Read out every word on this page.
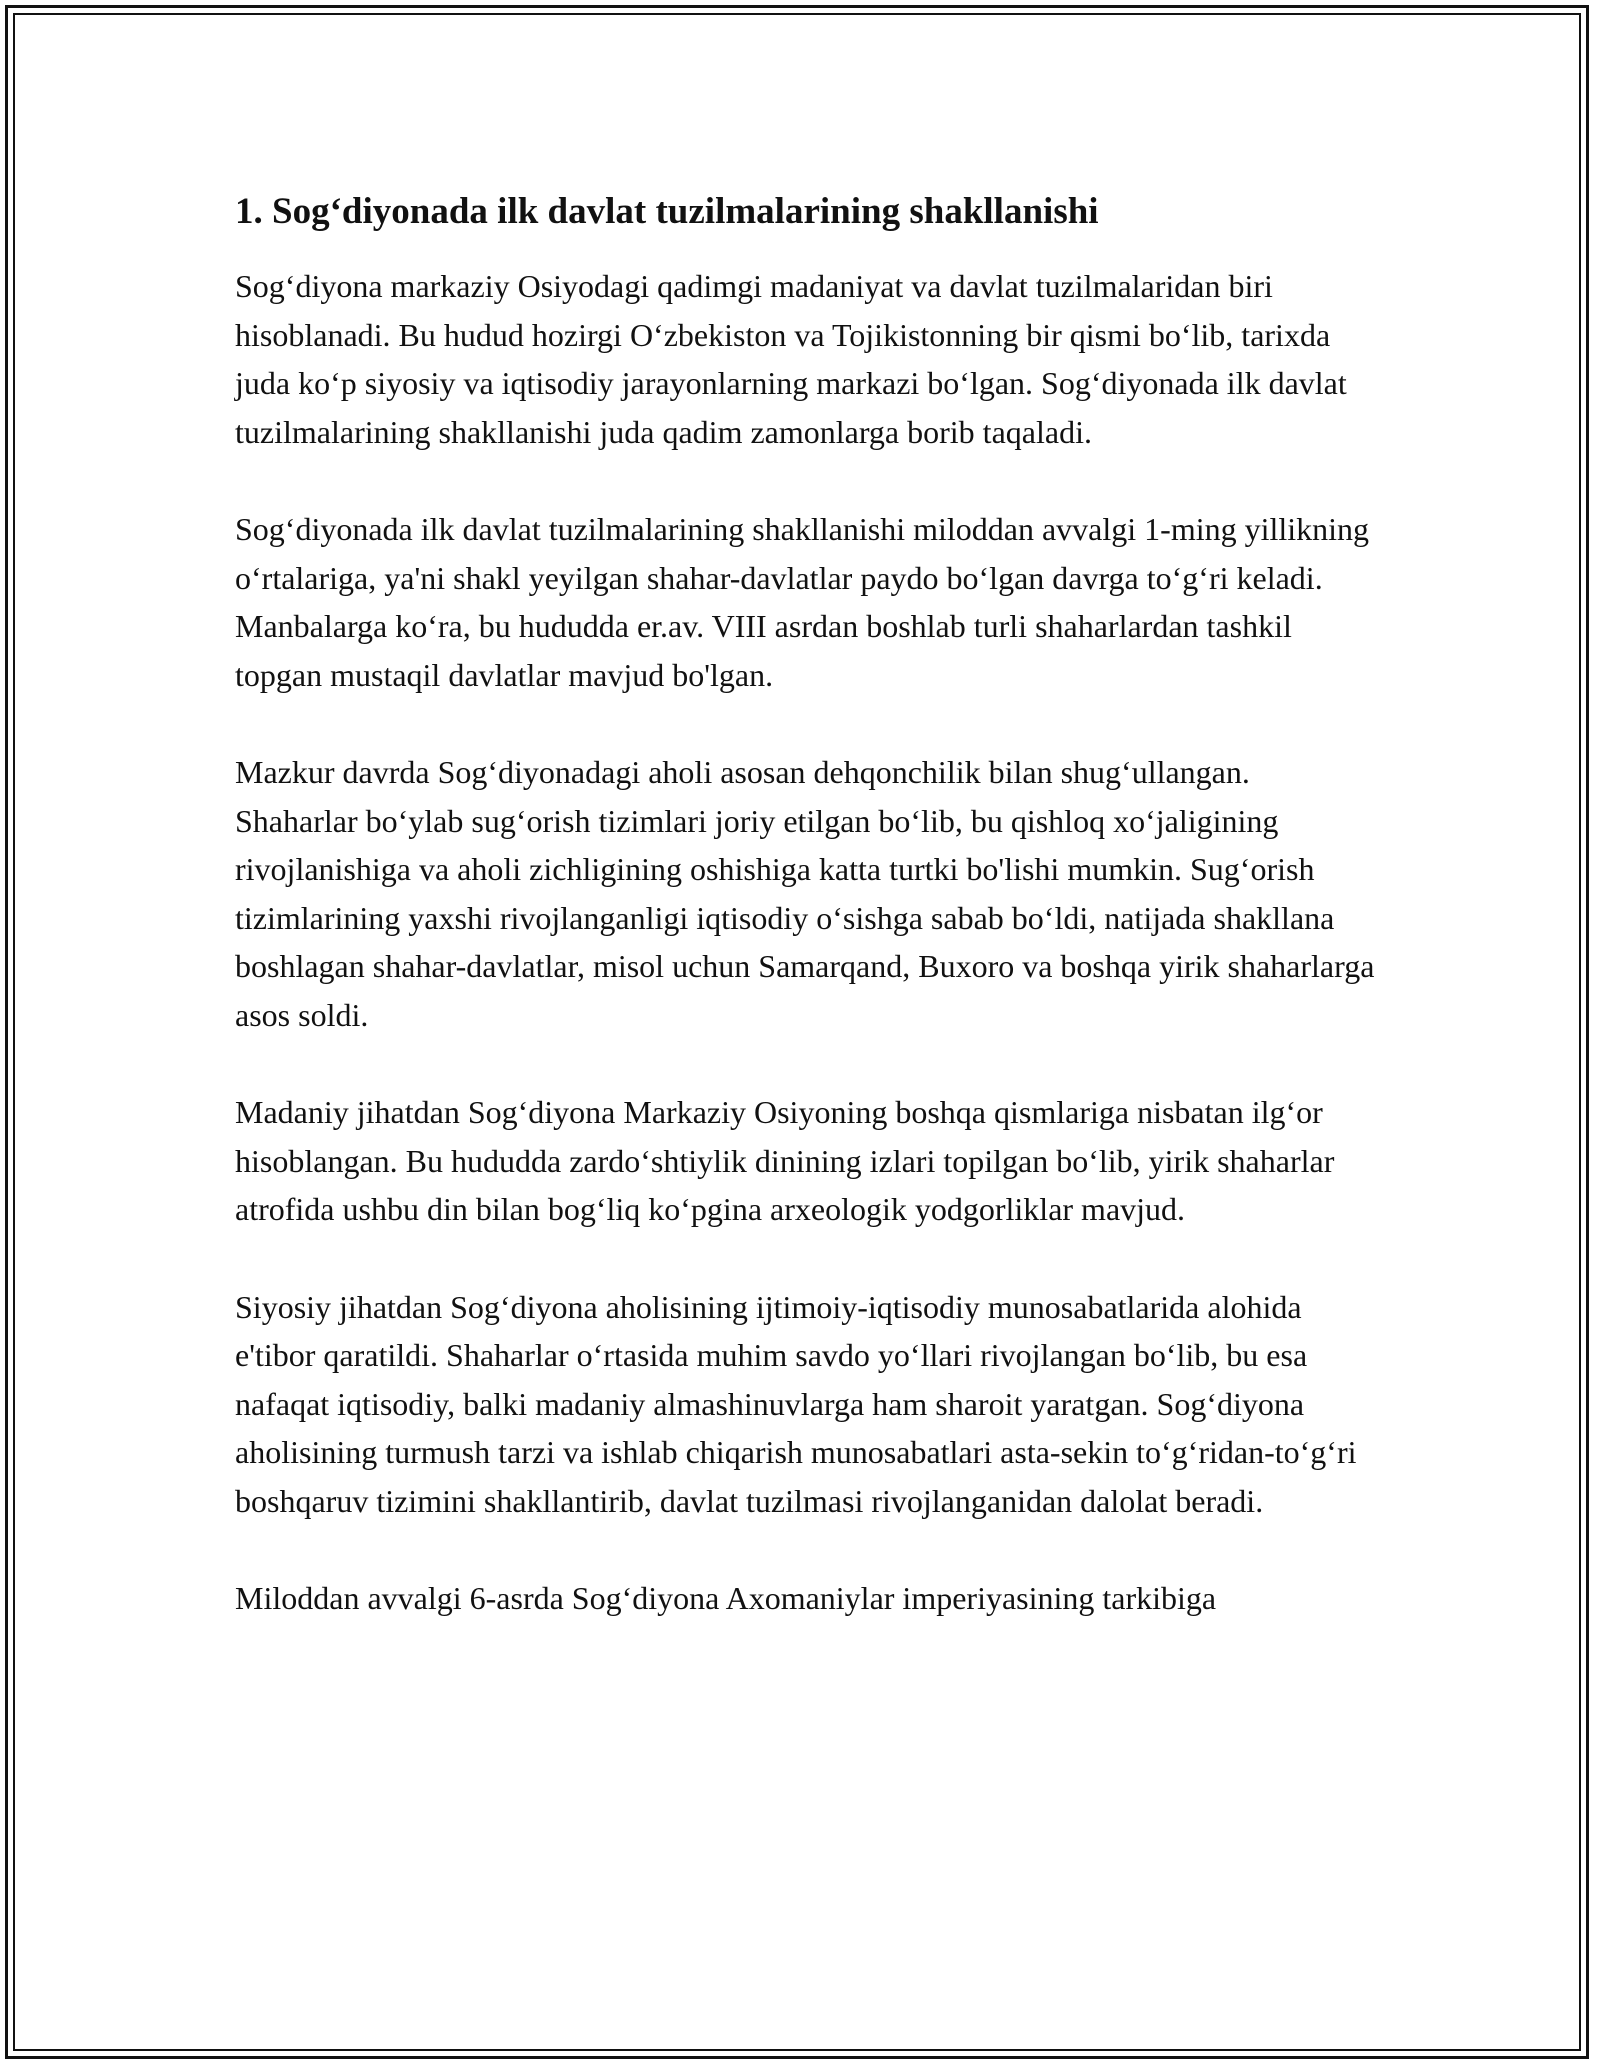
1. Sog‘diyonada ilk davlat tuzilmalarining shakllanishi

Sog‘diyona markaziy Osiyodagi qadimgi madaniyat va davlat tuzilmalaridan biri hisoblanadi. Bu hudud hozirgi O‘zbekiston va Tojikistonning bir qismi bo‘lib, tarixda juda ko‘p siyosiy va iqtisodiy jarayonlarning markazi bo‘lgan. Sog‘diyonada ilk davlat tuzilmalarining shakllanishi juda qadim zamonlarga borib taqaladi.

Sog‘diyonada ilk davlat tuzilmalarining shakllanishi miloddan avvalgi 1-ming yillikning o‘rtalariga, ya'ni shakl yeyilgan shahar-davlatlar paydo bo‘lgan davrga to‘g‘ri keladi. Manbalarga ko‘ra, bu hududda er.av. VIII asrdan boshlab turli shaharlardan tashkil topgan mustaqil davlatlar mavjud bo'lgan.

Mazkur davrda Sog‘diyonadagi aholi asosan dehqonchilik bilan shug‘ullangan. Shaharlar bo‘ylab sug‘orish tizimlari joriy etilgan bo‘lib, bu qishloq xo‘jaligining rivojlanishiga va aholi zichligining oshishiga katta turtki bo'lishi mumkin. Sug‘orish tizimlarining yaxshi rivojlanganligi iqtisodiy o‘sishga sabab bo‘ldi, natijada shakllana boshlagan shahar-davlatlar, misol uchun Samarqand, Buxoro va boshqa yirik shaharlarga asos soldi.

Madaniy jihatdan Sog‘diyona Markaziy Osiyoning boshqa qismlariga nisbatan ilg‘or hisoblangan. Bu hududda zardo‘shtiylik dinining izlari topilgan bo‘lib, yirik shaharlar atrofida ushbu din bilan bog‘liq ko‘pgina arxeologik yodgorliklar mavjud.

Siyosiy jihatdan Sog‘diyona aholisining ijtimoiy-iqtisodiy munosabatlarida alohida e'tibor qaratildi. Shaharlar o‘rtasida muhim savdo yo‘llari rivojlangan bo‘lib, bu esa nafaqat iqtisodiy, balki madaniy almashinuvlarga ham sharoit yaratgan. Sog‘diyona aholisining turmush tarzi va ishlab chiqarish munosabatlari asta-sekin to‘g‘ridan-to‘g‘ri boshqaruv tizimini shakllantirib, davlat tuzilmasi rivojlanganidan dalolat beradi.

Miloddan avvalgi 6-asrda Sog‘diyona Axomaniylar imperiyasining tarkibiga
